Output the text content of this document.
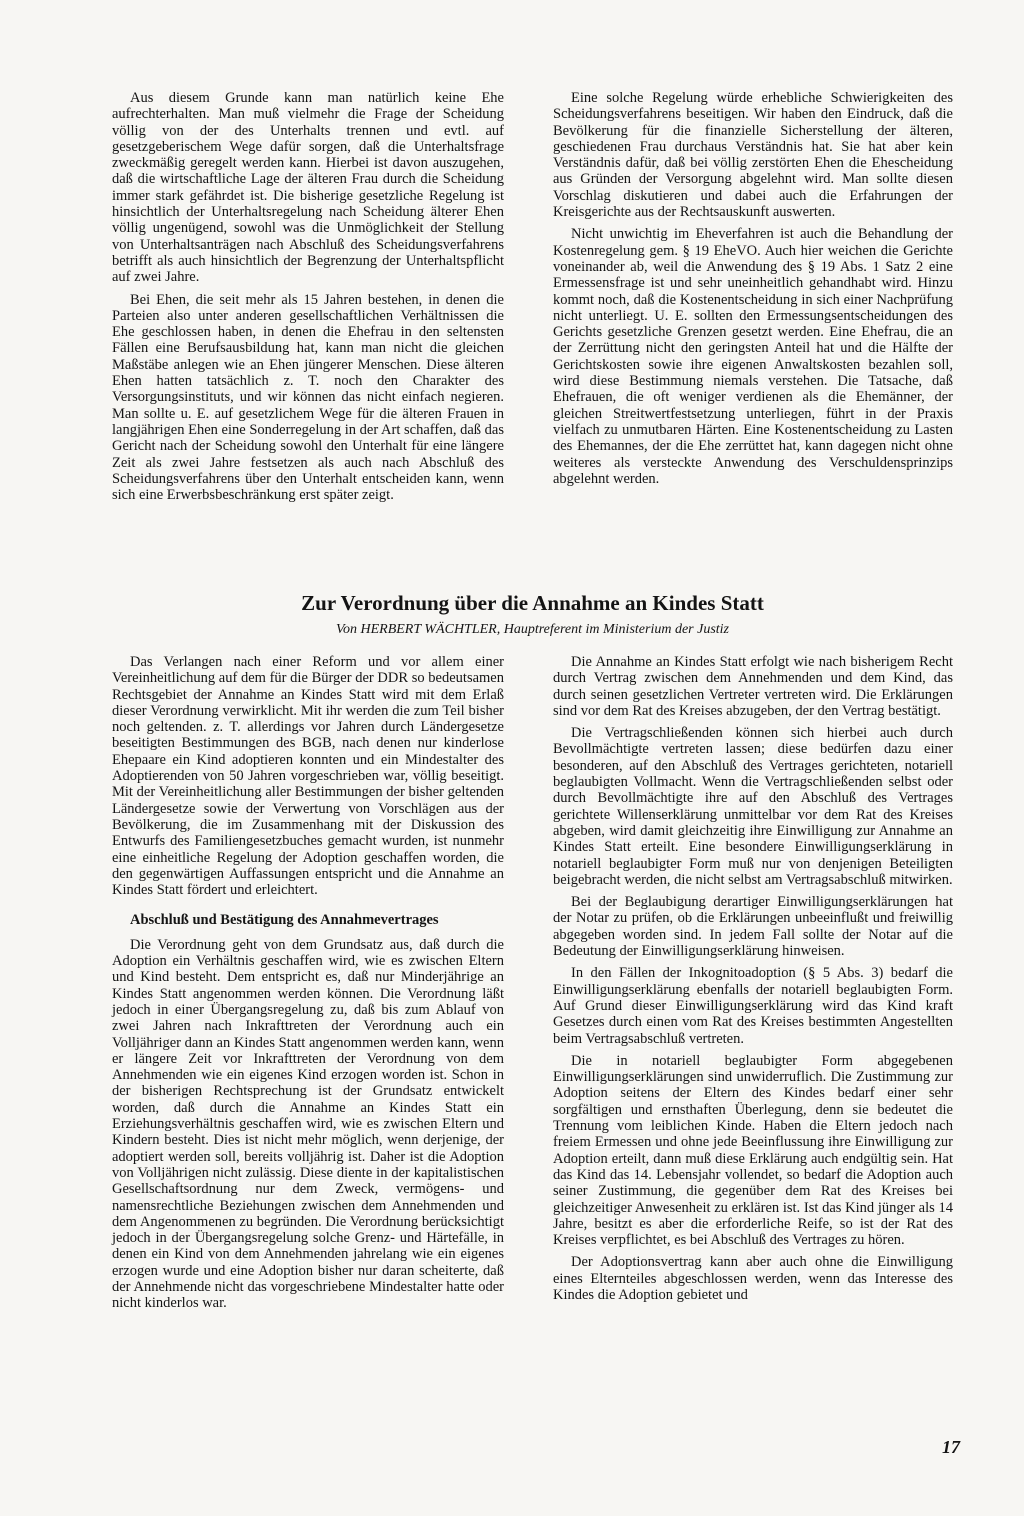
Aus diesem Grunde kann man natürlich keine Ehe aufrechterhalten. Man muß vielmehr die Frage der Scheidung völlig von der des Unterhalts trennen und evtl. auf gesetzgeberischem Wege dafür sorgen, daß die Unterhaltsfrage zweckmäßig geregelt werden kann. Hierbei ist davon auszugehen, daß die wirtschaftliche Lage der älteren Frau durch die Scheidung immer stark gefährdet ist. Die bisherige gesetzliche Regelung ist hinsichtlich der Unterhaltsregelung nach Scheidung älterer Ehen völlig ungenügend, sowohl was die Unmöglichkeit der Stellung von Unterhaltsanträgen nach Abschluß des Scheidungsverfahrens betrifft als auch hinsichtlich der Begrenzung der Unterhaltspflicht auf zwei Jahre.

Bei Ehen, die seit mehr als 15 Jahren bestehen, in denen die Parteien also unter anderen gesellschaftlichen Verhältnissen die Ehe geschlossen haben, in denen die Ehefrau in den seltensten Fällen eine Berufsausbildung hat, kann man nicht die gleichen Maßstäbe anlegen wie an Ehen jüngerer Menschen. Diese älteren Ehen hatten tatsächlich z. T. noch den Charakter des Versorgungsinstituts, und wir können das nicht einfach negieren. Man sollte u. E. auf gesetzlichem Wege für die älteren Frauen in langjährigen Ehen eine Sonderregelung in der Art schaffen, daß das Gericht nach der Scheidung sowohl den Unterhalt für eine längere Zeit als zwei Jahre festsetzen als auch nach Abschluß des Scheidungsverfahrens über den Unterhalt entscheiden kann, wenn sich eine Erwerbsbeschränkung erst später zeigt.

Eine solche Regelung würde erhebliche Schwierigkeiten des Scheidungsverfahrens beseitigen. Wir haben den Eindruck, daß die Bevölkerung für die finanzielle Sicherstellung der älteren, geschiedenen Frau durchaus Verständnis hat. Sie hat aber kein Verständnis dafür, daß bei völlig zerstörten Ehen die Ehescheidung aus Gründen der Versorgung abgelehnt wird. Man sollte diesen Vorschlag diskutieren und dabei auch die Erfahrungen der Kreisgerichte aus der Rechtsauskunft auswerten.

Nicht unwichtig im Eheverfahren ist auch die Behandlung der Kostenregelung gem. § 19 EheVO. Auch hier weichen die Gerichte voneinander ab, weil die Anwendung des § 19 Abs. 1 Satz 2 eine Ermessensfrage ist und sehr uneinheitlich gehandhabt wird. Hinzu kommt noch, daß die Kostenentscheidung in sich einer Nachprüfung nicht unterliegt. U. E. sollten den Ermessungsentscheidungen des Gerichts gesetzliche Grenzen gesetzt werden. Eine Ehefrau, die an der Zerrüttung nicht den geringsten Anteil hat und die Hälfte der Gerichtskosten sowie ihre eigenen Anwaltskosten bezahlen soll, wird diese Bestimmung niemals verstehen. Die Tatsache, daß Ehefrauen, die oft weniger verdienen als die Ehemänner, der gleichen Streitwertfestsetzung unterliegen, führt in der Praxis vielfach zu unmutbaren Härten. Eine Kostenentscheidung zu Lasten des Ehemannes, der die Ehe zerrüttet hat, kann dagegen nicht ohne weiteres als versteckte Anwendung des Verschuldensprinzips abgelehnt werden.

Zur Verordnung über die Annahme an Kindes Statt
Von HERBERT WÄCHTLER, Hauptreferent im Ministerium der Justiz

Das Verlangen nach einer Reform und vor allem einer Vereinheitlichung auf dem für die Bürger der DDR so bedeutsamen Rechtsgebiet der Annahme an Kindes Statt wird mit dem Erlaß dieser Verordnung verwirklicht. Mit ihr werden die zum Teil bisher noch geltenden. z. T. allerdings vor Jahren durch Ländergesetze beseitigten Bestimmungen des BGB, nach denen nur kinderlose Ehepaare ein Kind adoptieren konnten und ein Mindestalter des Adoptierenden von 50 Jahren vorgeschrieben war, völlig beseitigt. Mit der Vereinheitlichung aller Bestimmungen der bisher geltenden Ländergesetze sowie der Verwertung von Vorschlägen aus der Bevölkerung, die im Zusammenhang mit der Diskussion des Entwurfs des Familiengesetzbuches gemacht wurden, ist nunmehr eine einheitliche Regelung der Adoption geschaffen worden, die den gegenwärtigen Auffassungen entspricht und die Annahme an Kindes Statt fördert und erleichtert.

Abschluß und Bestätigung des Annahmevertrages

Die Verordnung geht von dem Grundsatz aus, daß durch die Adoption ein Verhältnis geschaffen wird, wie es zwischen Eltern und Kind besteht. Dem entspricht es, daß nur Minderjährige an Kindes Statt angenommen werden können. Die Verordnung läßt jedoch in einer Übergangsregelung zu, daß bis zum Ablauf von zwei Jahren nach Inkrafttreten der Verordnung auch ein Volljähriger dann an Kindes Statt angenommen werden kann, wenn er längere Zeit vor Inkrafttreten der Verordnung von dem Annehmenden wie ein eigenes Kind erzogen worden ist. Schon in der bisherigen Rechtsprechung ist der Grundsatz entwickelt worden, daß durch die Annahme an Kindes Statt ein Erziehungsverhältnis geschaffen wird, wie es zwischen Eltern und Kindern besteht. Dies ist nicht mehr möglich, wenn derjenige, der adoptiert werden soll, bereits volljährig ist. Daher ist die Adoption von Volljährigen nicht zulässig. Diese diente in der kapitalistischen Gesellschaftsordnung nur dem Zweck, vermögens- und namensrechtliche Beziehungen zwischen dem Annehmenden und dem Angenommenen zu begründen. Die Verordnung berücksichtigt jedoch in der Übergangsregelung solche Grenz- und Härtefälle, in denen ein Kind von dem Annehmenden jahrelang wie ein eigenes erzogen wurde und eine Adoption bisher nur daran scheiterte, daß der Annehmende nicht das vorgeschriebene Mindestalter hatte oder nicht kinderlos war.

Die Annahme an Kindes Statt erfolgt wie nach bisherigem Recht durch Vertrag zwischen dem Annehmenden und dem Kind, das durch seinen gesetzlichen Vertreter vertreten wird. Die Erklärungen sind vor dem Rat des Kreises abzugeben, der den Vertrag bestätigt.

Die Vertragschließenden können sich hierbei auch durch Bevollmächtigte vertreten lassen; diese bedürfen dazu einer besonderen, auf den Abschluß des Vertrages gerichteten, notariell beglaubigten Vollmacht. Wenn die Vertragschließenden selbst oder durch Bevollmächtigte ihre auf den Abschluß des Vertrages gerichtete Willenserklärung unmittelbar vor dem Rat des Kreises abgeben, wird damit gleichzeitig ihre Einwilligung zur Annahme an Kindes Statt erteilt. Eine besondere Einwilligungserklärung in notariell beglaubigter Form muß nur von denjenigen Beteiligten beigebracht werden, die nicht selbst am Vertragsabschluß mitwirken.

Bei der Beglaubigung derartiger Einwilligungserklärungen hat der Notar zu prüfen, ob die Erklärungen unbeeinflußt und freiwillig abgegeben worden sind. In jedem Fall sollte der Notar auf die Bedeutung der Einwilligungserklärung hinweisen.

In den Fällen der Inkognitoadoption (§ 5 Abs. 3) bedarf die Einwilligungserklärung ebenfalls der notariell beglaubigten Form. Auf Grund dieser Einwilligungserklärung wird das Kind kraft Gesetzes durch einen vom Rat des Kreises bestimmten Angestellten beim Vertragsabschluß vertreten.

Die in notariell beglaubigter Form abgegebenen Einwilligungserklärungen sind unwiderruflich. Die Zustimmung zur Adoption seitens der Eltern des Kindes bedarf einer sehr sorgfältigen und ernsthaften Überlegung, denn sie bedeutet die Trennung vom leiblichen Kinde. Haben die Eltern jedoch nach freiem Ermessen und ohne jede Beeinflussung ihre Einwilligung zur Adoption erteilt, dann muß diese Erklärung auch endgültig sein. Hat das Kind das 14. Lebensjahr vollendet, so bedarf die Adoption auch seiner Zustimmung, die gegenüber dem Rat des Kreises bei gleichzeitiger Anwesenheit zu erklären ist. Ist das Kind jünger als 14 Jahre, besitzt es aber die erforderliche Reife, so ist der Rat des Kreises verpflichtet, es bei Abschluß des Vertrages zu hören.

Der Adoptionsvertrag kann aber auch ohne die Einwilligung eines Elternteiles abgeschlossen werden, wenn das Interesse des Kindes die Adoption gebietet und

17
